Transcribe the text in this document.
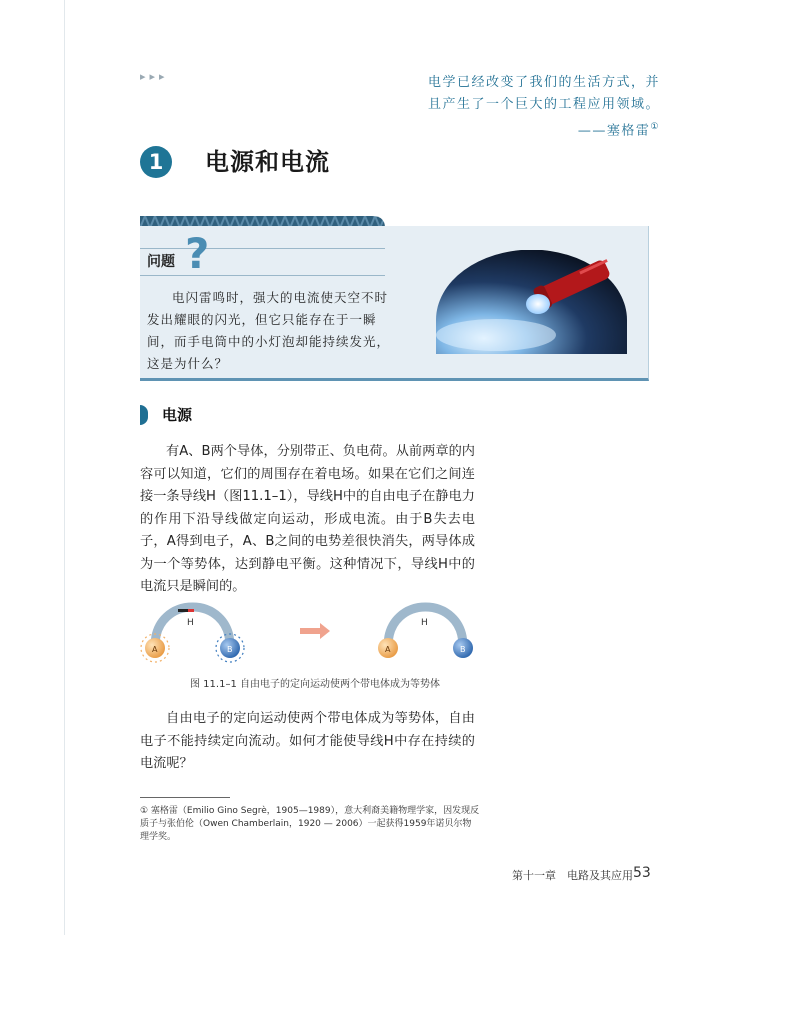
▸▸▸	电学已经改变了我们的生活方式，并
且产生了一个巨大的工程应用领域。
——塞格雷①
1	电源和电流
问题 ?
电闪雷鸣时，强大的电流使天空不时发出耀眼的闪光，但它只能存在于一瞬间，而手电筒中的小灯泡却能持续发光，这是为什么？
电源
有A、B两个导体，分别带正、负电荷。从前两章的内容可以知道，它们的周围存在着电场。如果在它们之间连接一条导线H（图11.1–1），导线H中的自由电子在静电力的作用下沿导线做定向运动，形成电流。由于B失去电子，A得到电子，A、B之间的电势差很快消失，两导体成为一个等势体，达到静电平衡。这种情况下，导线H中的电流只是瞬间的。
H
A	B
H
A	B
图 11.1–1 自由电子的定向运动使两个带电体成为等势体
自由电子的定向运动使两个带电体成为等势体，自由电子不能持续定向流动。如何才能使导线H中存在持续的电流呢？
① 塞格雷（Emilio Gino Segrè，1905—1989），意大利裔美籍物理学家，因发现反质子与张伯伦（Owen Chamberlain，1920 — 2006）一起获得1959年诺贝尔物理学奖。
第十一章　电路及其应用 53
